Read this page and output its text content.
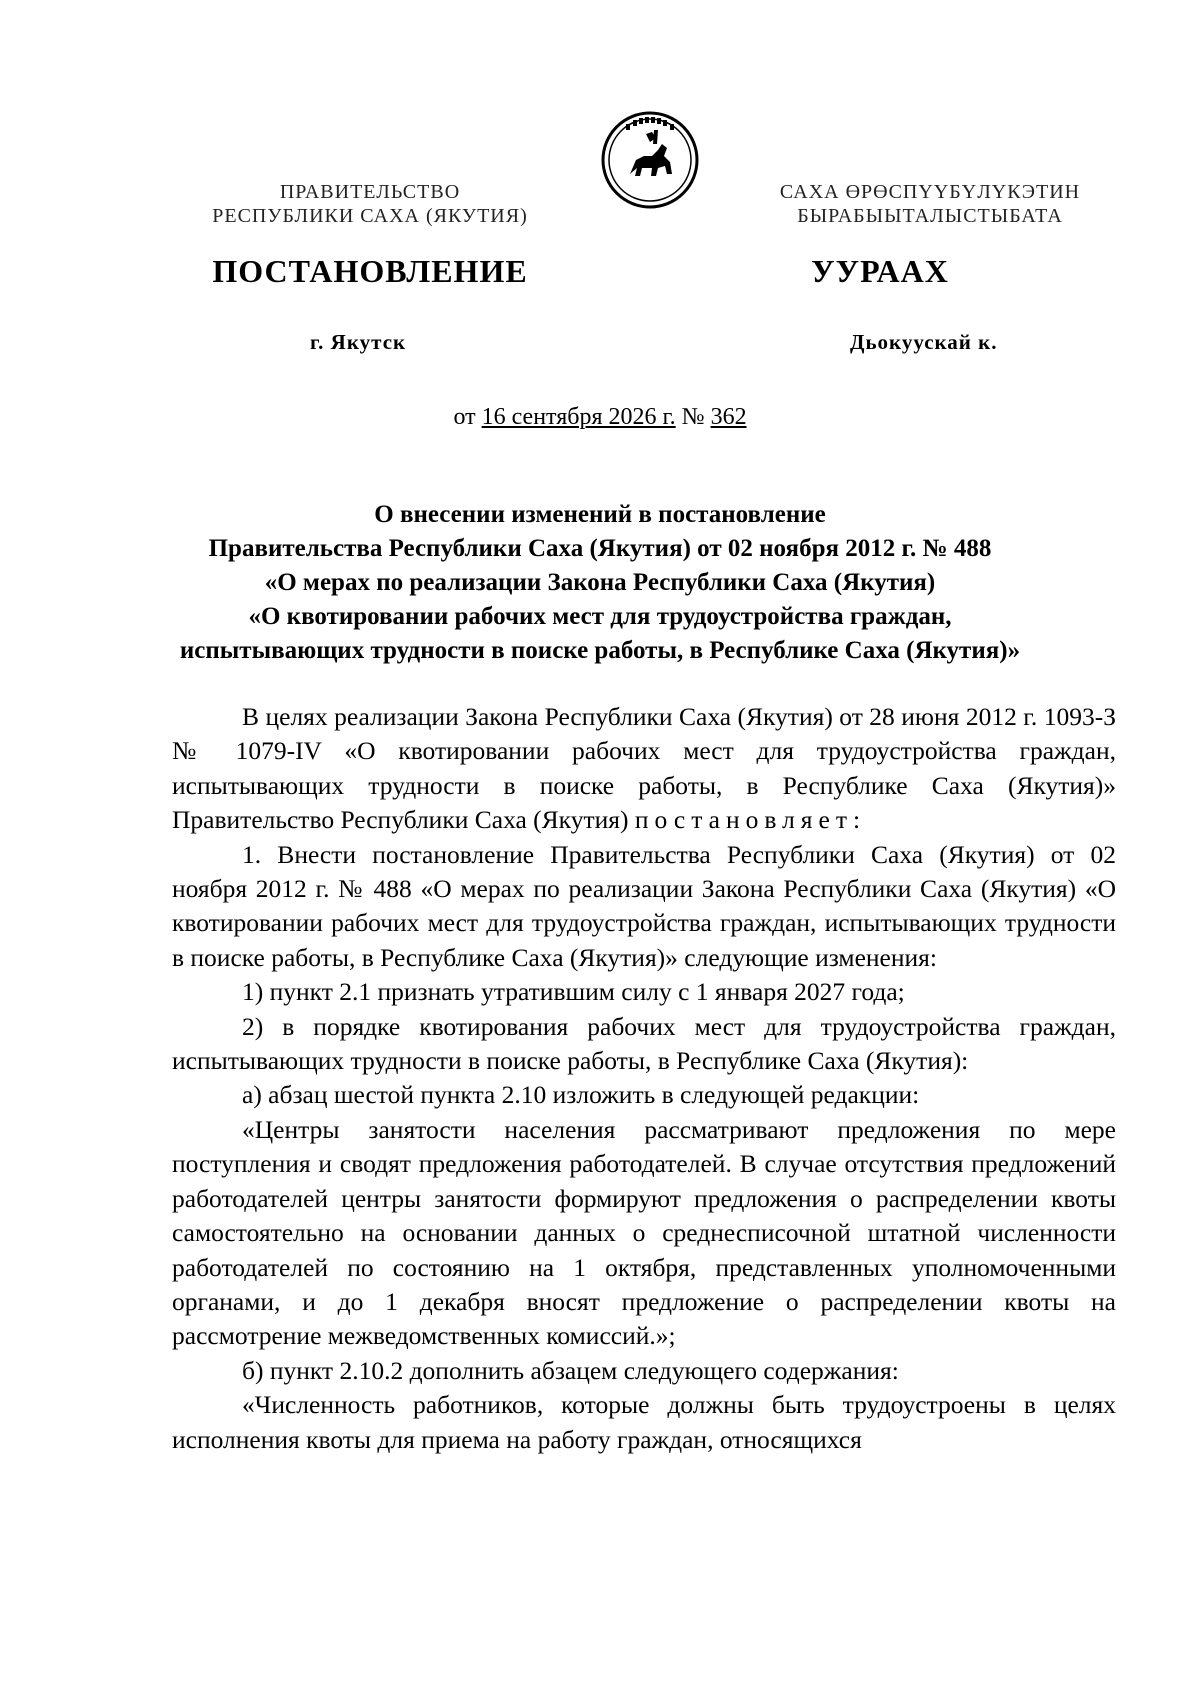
ПРАВИТЕЛЬСТВО
РЕСПУБЛИКИ САХА (ЯКУТИЯ)
САХА ӨРӨСПҮҮБҮЛҮКЭТИН
БЫРАБЫЫТАЛЫСТЫБАТА
ПОСТАНОВЛЕНИЕ	УУРААХ
г. Якутск	Дьокуускай к.
от 16 сентября 2026 г. № 362
О внесении изменений в постановление
Правительства Республики Саха (Якутия) от 02 ноября 2012 г. № 488
«О мерах по реализации Закона Республики Саха (Якутия)
«О квотировании рабочих мест для трудоустройства граждан,
испытывающих трудности в поиске работы, в Республике Саха (Якутия)»

В целях реализации Закона Республики Саха (Якутия) от 28 июня 2012 г. 1093-З № 1079-IV «О квотировании рабочих мест для трудоустройства граждан, испытывающих трудности в поиске работы, в Республике Саха (Якутия)» Правительство Республики Саха (Якутия) постановляет:

1. Внести постановление Правительства Республики Саха (Якутия) от 02 ноября 2012 г. № 488 «О мерах по реализации Закона Республики Саха (Якутия) «О квотировании рабочих мест для трудоустройства граждан, испытывающих трудности в поиске работы, в Республике Саха (Якутия)» следующие изменения:

1) пункт 2.1 признать утратившим силу с 1 января 2027 года;

2) в порядке квотирования рабочих мест для трудоустройства граждан, испытывающих трудности в поиске работы, в Республике Саха (Якутия):

а) абзац шестой пункта 2.10 изложить в следующей редакции:

«Центры занятости населения рассматривают предложения по мере поступления и сводят предложения работодателей. В случае отсутствия предложений работодателей центры занятости формируют предложения о распределении квоты самостоятельно на основании данных о среднесписочной штатной численности работодателей по состоянию на 1 октября, представленных уполномоченными органами, и до 1 декабря вносят предложение о распределении квоты на рассмотрение межведомственных комиссий.»;

б) пункт 2.10.2 дополнить абзацем следующего содержания:

«Численность работников, которые должны быть трудоустроены в целях исполнения квоты для приема на работу граждан, относящихся
